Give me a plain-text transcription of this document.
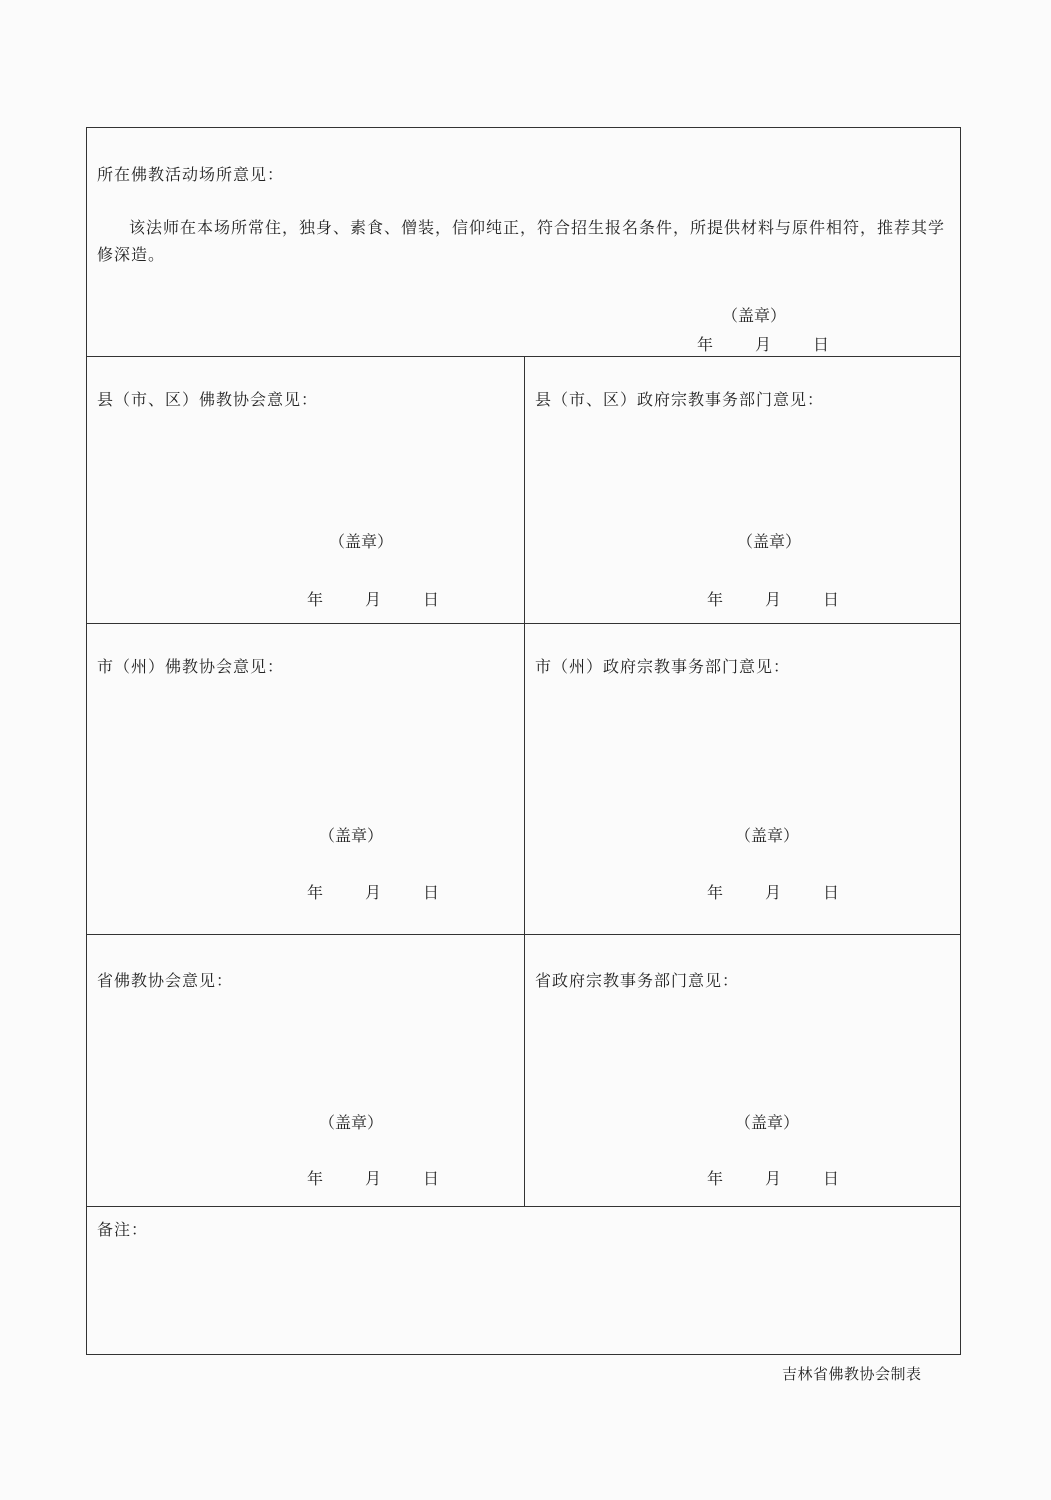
所在佛教活动场所意见：
该法师在本场所常住，独身、素食、僧装，信仰纯正，符合招生报名条件，所提供材料与原件相符，推荐其学修深造。
（盖章）
年	月	日
县（市、区）佛教协会意见：
（盖章）
年	月	日
县（市、区）政府宗教事务部门意见：
（盖章）
年	月	日
市（州）佛教协会意见：
（盖章）
年	月	日
市（州）政府宗教事务部门意见：
（盖章）
年	月	日
省佛教协会意见：
（盖章）
年	月	日
省政府宗教事务部门意见：
（盖章）
年	月	日
备注：
吉林省佛教协会制表
